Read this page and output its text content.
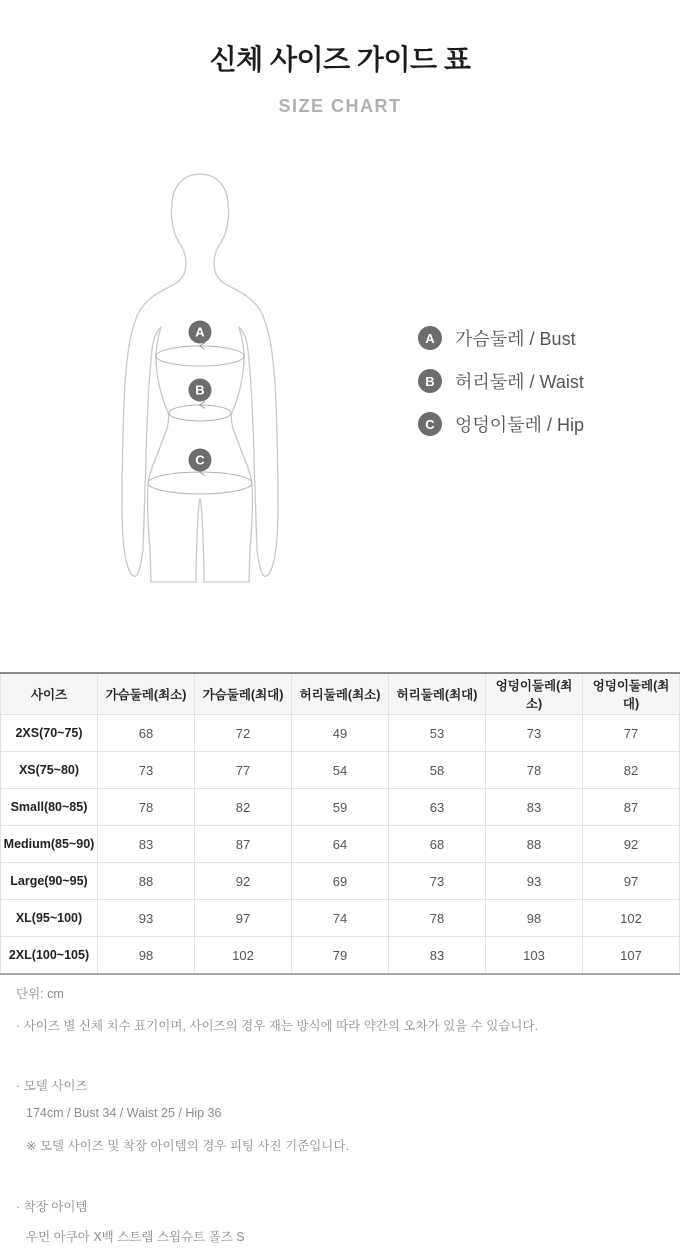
신체 사이즈 가이드 표
SIZE CHART
A
B
C
A	가슴둘레 / Bust
B	허리둘레 / Waist
C	엉덩이둘레 / Hip
사이즈	가슴둘레(최소)	가슴둘레(최대)	허리둘레(최소)	허리둘레(최대)	엉덩이둘레(최소)	엉덩이둘레(최대)
2XS(70~75)	68	72	49	53	73	77
XS(75~80)	73	77	54	58	78	82
Small(80~85)	78	82	59	63	83	87
Medium(85~90)	83	87	64	68	88	92
Large(90~95)	88	92	69	73	93	97
XL(95~100)	93	97	74	78	98	102
2XL(100~105)	98	102	79	83	103	107
단위: cm
· 사이즈 별 신체 치수 표기이며, 사이즈의 경우 재는 방식에 따라 약간의 오차가 있을 수 있습니다.
· 모델 사이즈
174cm / Bust 34 / Waist 25 / Hip 36
※ 모델 사이즈 및 착장 아이템의 경우 피팅 사진 기준입니다.
· 착장 아이템
우먼 아쿠아 X백 스트랩 스윔슈트 폴즈 S
